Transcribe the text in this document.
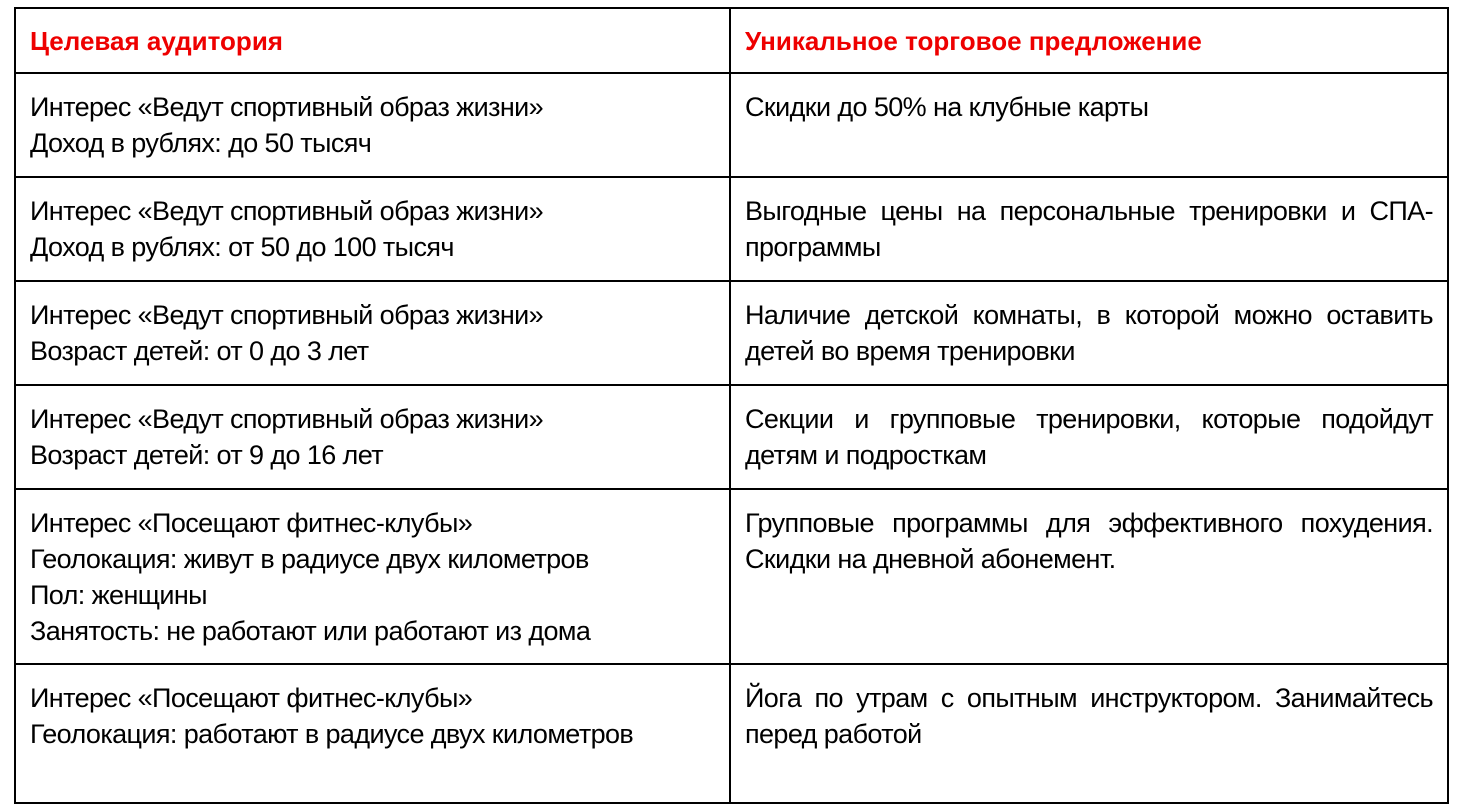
Целевая аудитория	Уникальное торговое предложение

Интерес «Ведут спортивный образ жизни»
Доход в рублях: до 50 тысяч	Скидки до 50% на клубные карты

Интерес «Ведут спортивный образ жизни»
Доход в рублях: от 50 до 100 тысяч	Выгодные цены на персональные тренировки и СПА-программы

Интерес «Ведут спортивный образ жизни»
Возраст детей: от 0 до 3 лет	Наличие детской комнаты, в которой можно оставить детей во время тренировки

Интерес «Ведут спортивный образ жизни»
Возраст детей: от 9 до 16 лет	Секции и групповые тренировки, которые подойдут детям и подросткам

Интерес «Посещают фитнес-клубы»
Геолокация: живут в радиусе двух километров
Пол: женщины
Занятость: не работают или работают из дома	Групповые программы для эффективного похудения. Скидки на дневной абонемент.

Интерес «Посещают фитнес-клубы»
Геолокация: работают в радиусе двух километров	Йога по утрам с опытным инструктором. Занимайтесь перед работой
